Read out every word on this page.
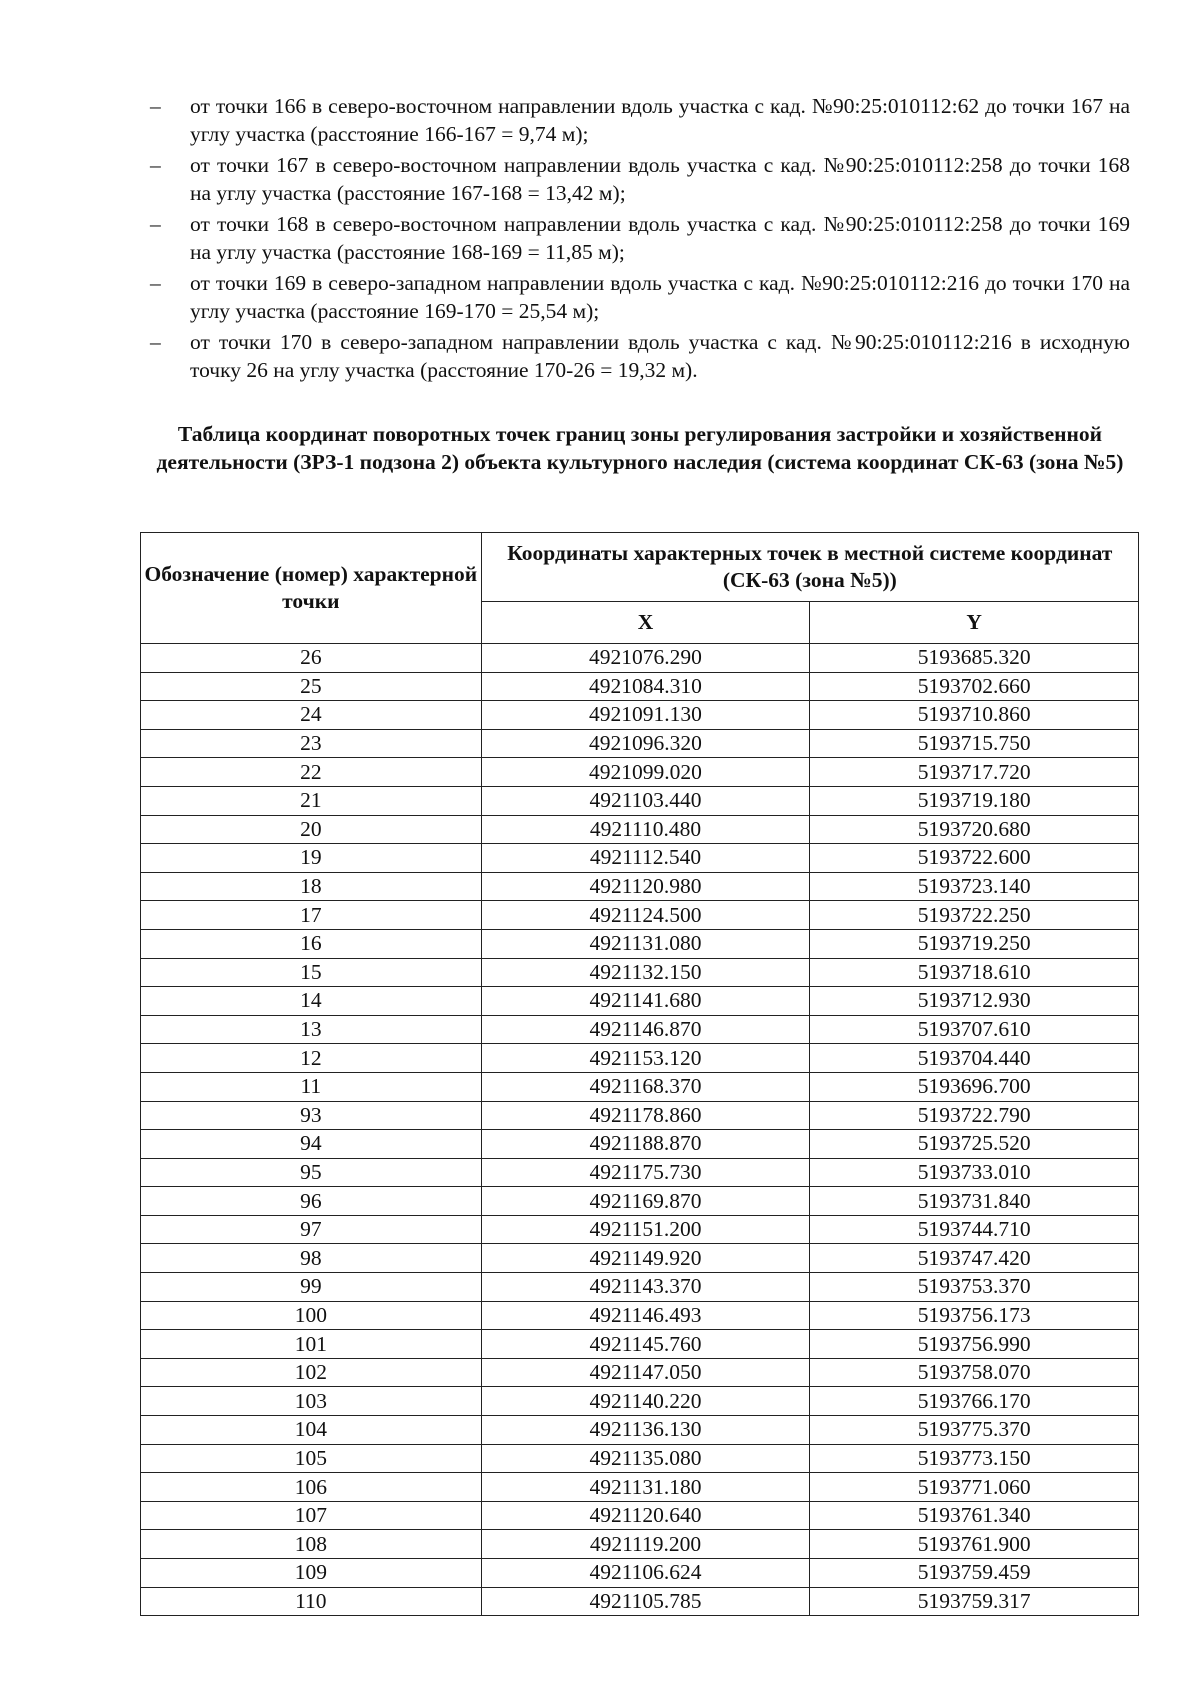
– от точки 166 в северо-восточном направлении вдоль участка с кад. №90:25:010112:62 до точки 167 на углу участка (расстояние 166-167 = 9,74 м);
– от точки 167 в северо-восточном направлении вдоль участка с кад. №90:25:010112:258 до точки 168 на углу участка (расстояние 167-168 = 13,42 м);
– от точки 168 в северо-восточном направлении вдоль участка с кад. №90:25:010112:258 до точки 169 на углу участка (расстояние 168-169 = 11,85 м);
– от точки 169 в северо-западном направлении вдоль участка с кад. №90:25:010112:216 до точки 170 на углу участка (расстояние 169-170 = 25,54 м);
– от точки 170 в северо-западном направлении вдоль участка с кад. №90:25:010112:216 в исходную точку 26 на углу участка (расстояние 170-26 = 19,32 м).
Таблица координат поворотных точек границ зоны регулирования застройки и хозяйственной деятельности (ЗРЗ-1 подзона 2) объекта культурного наследия (система координат СК-63 (зона №5)
Обозначение (номер) характерной точки	Координаты характерных точек в местной системе координат (СК-63 (зона №5))	
	X	Y
26	4921076.290	5193685.320
25	4921084.310	5193702.660
24	4921091.130	5193710.860
23	4921096.320	5193715.750
22	4921099.020	5193717.720
21	4921103.440	5193719.180
20	4921110.480	5193720.680
19	4921112.540	5193722.600
18	4921120.980	5193723.140
17	4921124.500	5193722.250
16	4921131.080	5193719.250
15	4921132.150	5193718.610
14	4921141.680	5193712.930
13	4921146.870	5193707.610
12	4921153.120	5193704.440
11	4921168.370	5193696.700
93	4921178.860	5193722.790
94	4921188.870	5193725.520
95	4921175.730	5193733.010
96	4921169.870	5193731.840
97	4921151.200	5193744.710
98	4921149.920	5193747.420
99	4921143.370	5193753.370
100	4921146.493	5193756.173
101	4921145.760	5193756.990
102	4921147.050	5193758.070
103	4921140.220	5193766.170
104	4921136.130	5193775.370
105	4921135.080	5193773.150
106	4921131.180	5193771.060
107	4921120.640	5193761.340
108	4921119.200	5193761.900
109	4921106.624	5193759.459
110	4921105.785	5193759.317
